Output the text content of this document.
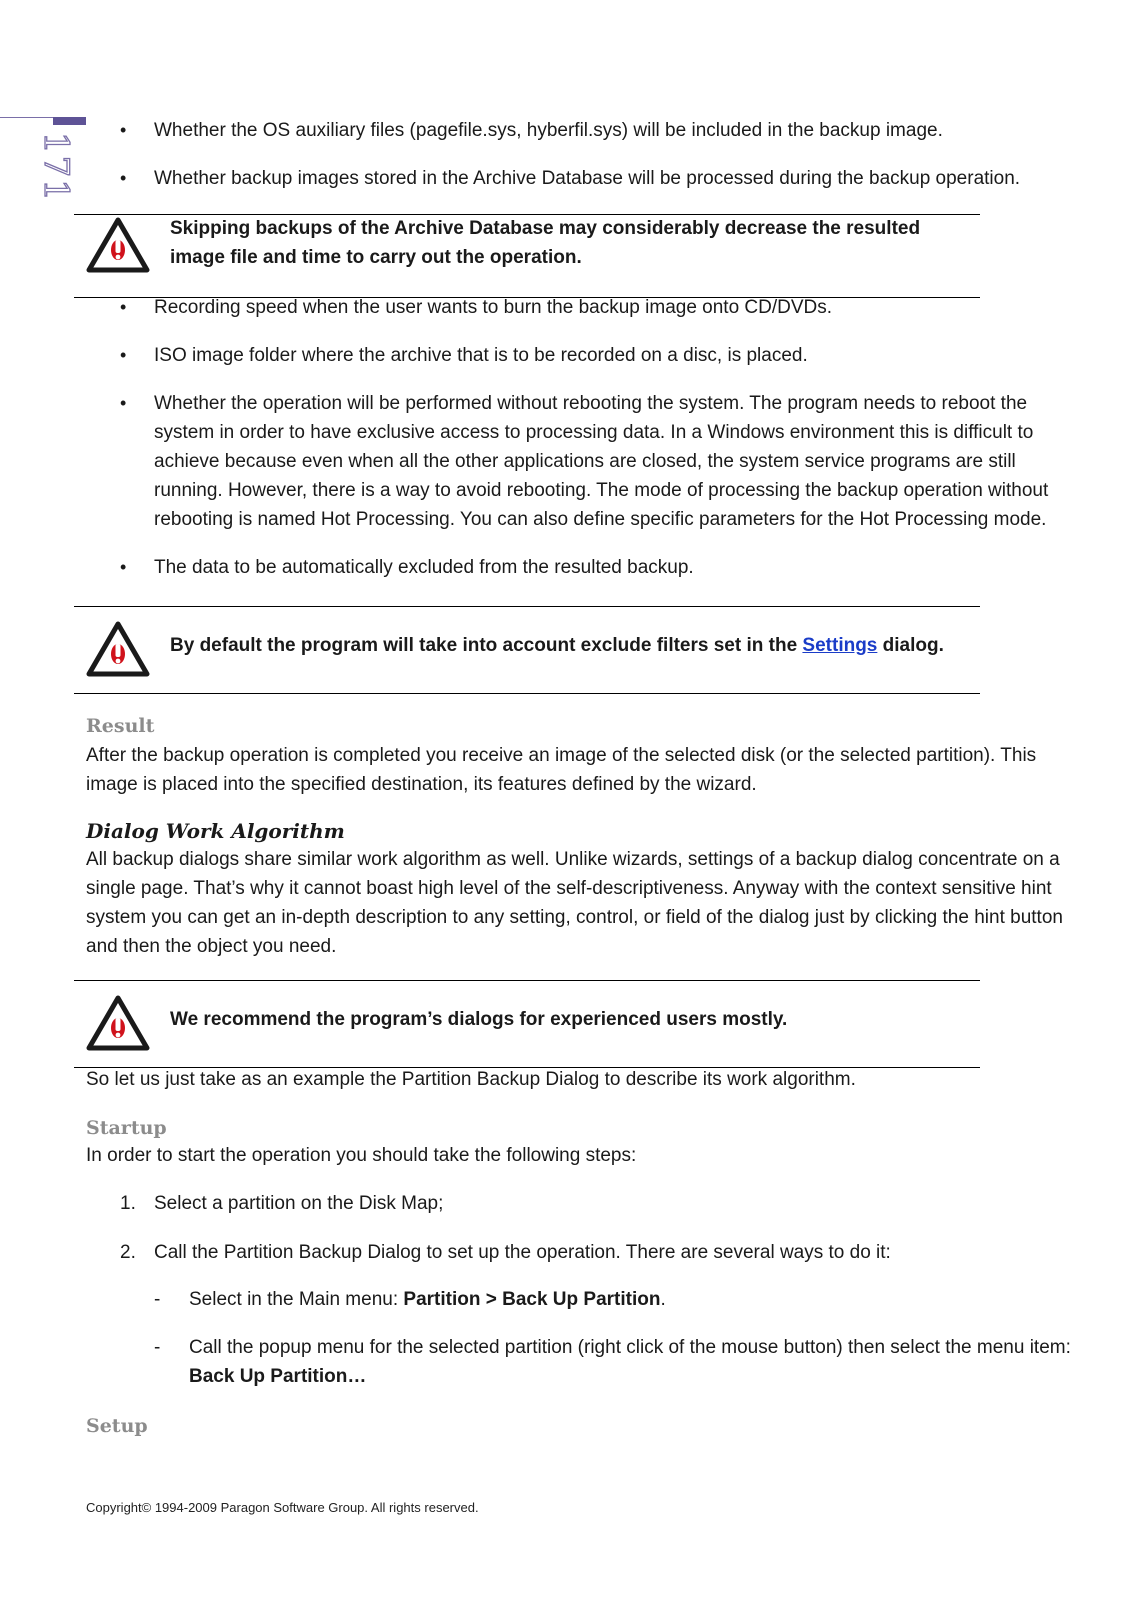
171
• Whether the OS auxiliary files (pagefile.sys, hyberfil.sys) will be included in the backup image.
• Whether backup images stored in the Archive Database will be processed during the backup operation.
Skipping backups of the Archive Database may considerably decrease the resulted image file and time to carry out the operation.
• Recording speed when the user wants to burn the backup image onto CD/DVDs.
• ISO image folder where the archive that is to be recorded on a disc, is placed.
• Whether the operation will be performed without rebooting the system. The program needs to reboot the system in order to have exclusive access to processing data. In a Windows environment this is difficult to achieve because even when all the other applications are closed, the system service programs are still running. However, there is a way to avoid rebooting. The mode of processing the backup operation without rebooting is named Hot Processing. You can also define specific parameters for the Hot Processing mode.
• The data to be automatically excluded from the resulted backup.
By default the program will take into account exclude filters set in the Settings dialog.
Result
After the backup operation is completed you receive an image of the selected disk (or the selected partition). This image is placed into the specified destination, its features defined by the wizard.
Dialog Work Algorithm
All backup dialogs share similar work algorithm as well. Unlike wizards, settings of a backup dialog concentrate on a single page. That’s why it cannot boast high level of the self-descriptiveness. Anyway with the context sensitive hint system you can get an in-depth description to any setting, control, or field of the dialog just by clicking the hint button and then the object you need.
We recommend the program’s dialogs for experienced users mostly.
So let us just take as an example the Partition Backup Dialog to describe its work algorithm.
Startup
In order to start the operation you should take the following steps:
1. Select a partition on the Disk Map;
2. Call the Partition Backup Dialog to set up the operation. There are several ways to do it:
- Select in the Main menu: Partition > Back Up Partition.
- Call the popup menu for the selected partition (right click of the mouse button) then select the menu item: Back Up Partition…
Setup
Copyright© 1994-2009 Paragon Software Group. All rights reserved.
